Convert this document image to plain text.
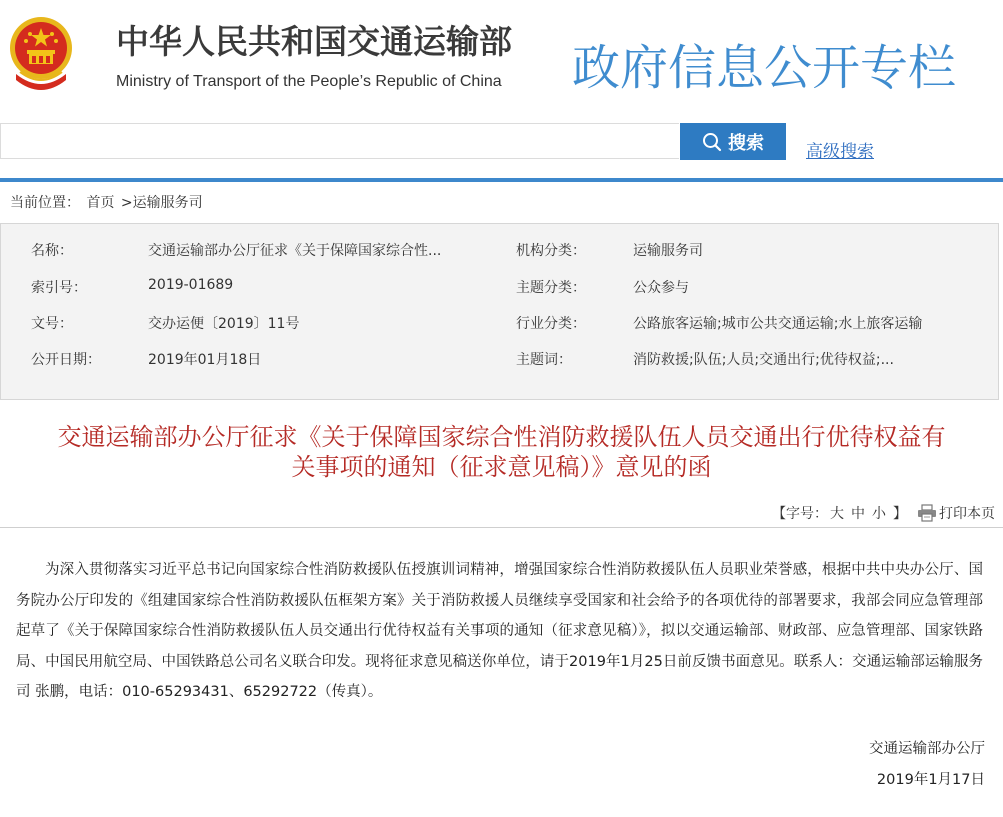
中华人民共和国交通运输部
Ministry of Transport of the People’s Republic of China 政府信息公开专栏
搜索 高级搜索
当前位置： 首页 >运输服务司
名称：	交通运输部办公厅征求《关于保障国家综合性...	机构分类：	运输服务司
索引号：	2019-01689	主题分类：	公众参与
文号：	交办运便〔2019〕11号	行业分类：	公路旅客运输;城市公共交通运输;水上旅客运输
公开日期：	2019年01月18日	主题词：	消防救援;队伍;人员;交通出行;优待权益;...
交通运输部办公厅征求《关于保障国家综合性消防救援队伍人员交通出行优待权益有
关事项的通知（征求意见稿）》意见的函
【字号： 大 中 小 】 打印本页
为深入贯彻落实习近平总书记向国家综合性消防救援队伍授旗训词精神，增强国家综合性消防救援队伍人员职业荣誉感，根据中共中央办公厅、国务院办公厅印发的《组建国家综合性消防救援队伍框架方案》关于消防救援人员继续享受国家和社会给予的各项优待的部署要求，我部会同应急管理部起草了《关于保障国家综合性消防救援队伍人员交通出行优待权益有关事项的通知（征求意见稿）》，拟以交通运输部、财政部、应急管理部、国家铁路局、中国民用航空局、中国铁路总公司名义联合印发。现将征求意见稿送你单位，请于2019年1月25日前反馈书面意见。联系人：交通运输部运输服务司 张鹏，电话：010-65293431、65292722（传真）。
交通运输部办公厅
2019年1月17日
